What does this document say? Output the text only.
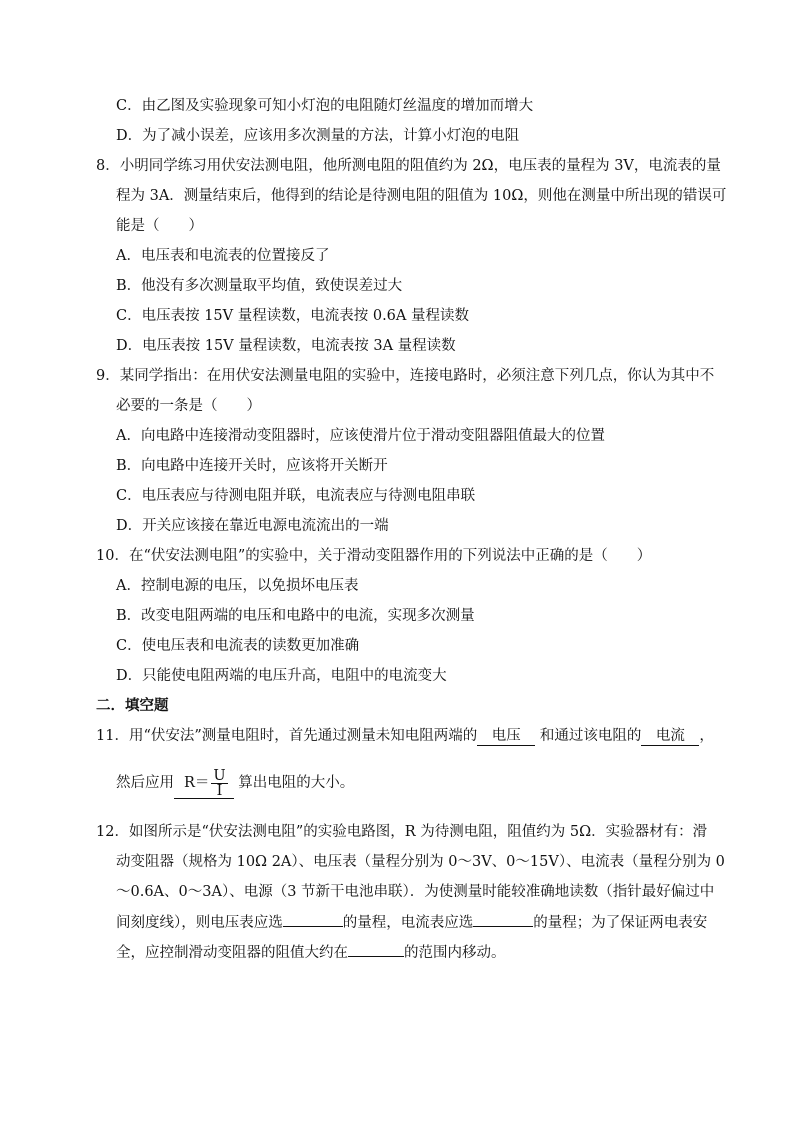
C．由乙图及实验现象可知小灯泡的电阻随灯丝温度的增加而增大
D．为了减小误差，应该用多次测量的方法，计算小灯泡的电阻
8．小明同学练习用伏安法测电阻，他所测电阻的阻值约为 2Ω，电压表的量程为 3V，电流表的量
程为 3A．测量结束后，他得到的结论是待测电阻的阻值为 10Ω，则他在测量中所出现的错误可
能是（　　）
A．电压表和电流表的位置接反了
B．他没有多次测量取平均值，致使误差过大
C．电压表按 15V 量程读数，电流表按 0.6A 量程读数
D．电压表按 15V 量程读数，电流表按 3A 量程读数
9．某同学指出：在用伏安法测量电阻的实验中，连接电路时，必须注意下列几点，你认为其中不
必要的一条是（　　）
A．向电路中连接滑动变阻器时，应该使滑片位于滑动变阻器阻值最大的位置
B．向电路中连接开关时，应该将开关断开
C．电压表应与待测电阻并联，电流表应与待测电阻串联
D．开关应该接在靠近电源电流流出的一端
10．在“伏安法测电阻”的实验中，关于滑动变阻器作用的下列说法中正确的是（　　）
A．控制电源的电压，以免损坏电压表
B．改变电阻两端的电压和电路中的电流，实现多次测量
C．使电压表和电流表的读数更加准确
D．只能使电阻两端的电压升高，电阻中的电流变大
二．填空题
11．用“伏安法”测量电阻时，首先通过测量未知电阻两端的 电压 和通过该电阻的 电流 ，
然后应用 $R= \frac{U}{I}$ 算出电阻的大小。
12．如图所示是“伏安法测电阻”的实验电路图，R 为待测电阻，阻值约为 5Ω．实验器材有：滑
动变阻器（规格为 10Ω 2A）、电压表（量程分别为 0～3V、0～15V）、电流表（量程分别为 0
～0.6A、0～3A）、电源（3 节新干电池串联）．为使测量时能较准确地读数（指针最好偏过中
间刻度线），则电压表应选	的量程，电流表应选	的量程；为了保证两电表安
全，应控制滑动变阻器的阻值大约在	的范围内移动。
